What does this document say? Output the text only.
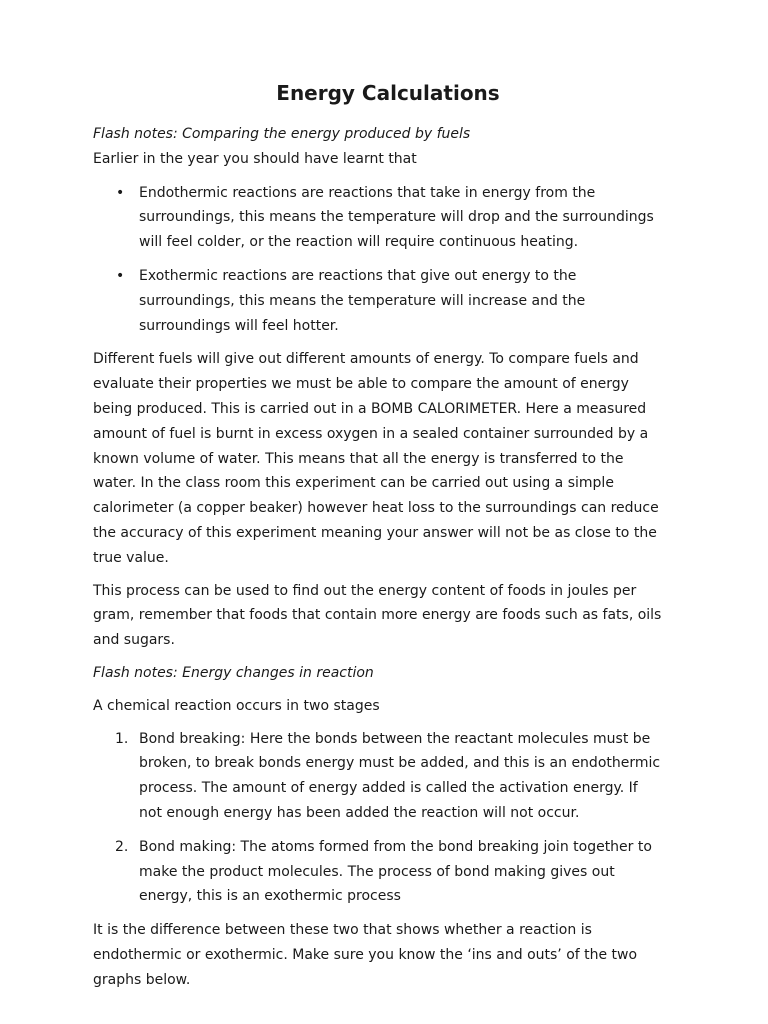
Energy Calculations

Flash notes: Comparing the energy produced by fuels

Earlier in the year you should have learnt that

•	Endothermic reactions are reactions that take in energy from the
surroundings, this means the temperature will drop and the surroundings
will feel colder, or the reaction will require continuous heating.
•	Exothermic reactions are reactions that give out energy to the
surroundings, this means the temperature will increase and the
surroundings will feel hotter.

Different fuels will give out different amounts of energy. To compare fuels and
evaluate their properties we must be able to compare the amount of energy
being produced. This is carried out in a BOMB CALORIMETER. Here a measured
amount of fuel is burnt in excess oxygen in a sealed container surrounded by a
known volume of water. This means that all the energy is transferred to the
water. In the class room this experiment can be carried out using a simple
calorimeter (a copper beaker) however heat loss to the surroundings can reduce
the accuracy of this experiment meaning your answer will not be as close to the
true value.

This process can be used to find out the energy content of foods in joules per
gram, remember that foods that contain more energy are foods such as fats, oils
and sugars.

Flash notes: Energy changes in reaction

A chemical reaction occurs in two stages

1. Bond breaking: Here the bonds between the reactant molecules must be
broken, to break bonds energy must be added, and this is an endothermic
process. The amount of energy added is called the activation energy. If
not enough energy has been added the reaction will not occur.
2. Bond making: The atoms formed from the bond breaking join together to
make the product molecules. The process of bond making gives out
energy, this is an exothermic process

It is the difference between these two that shows whether a reaction is
endothermic or exothermic. Make sure you know the ‘ins and outs’ of the two
graphs below.
